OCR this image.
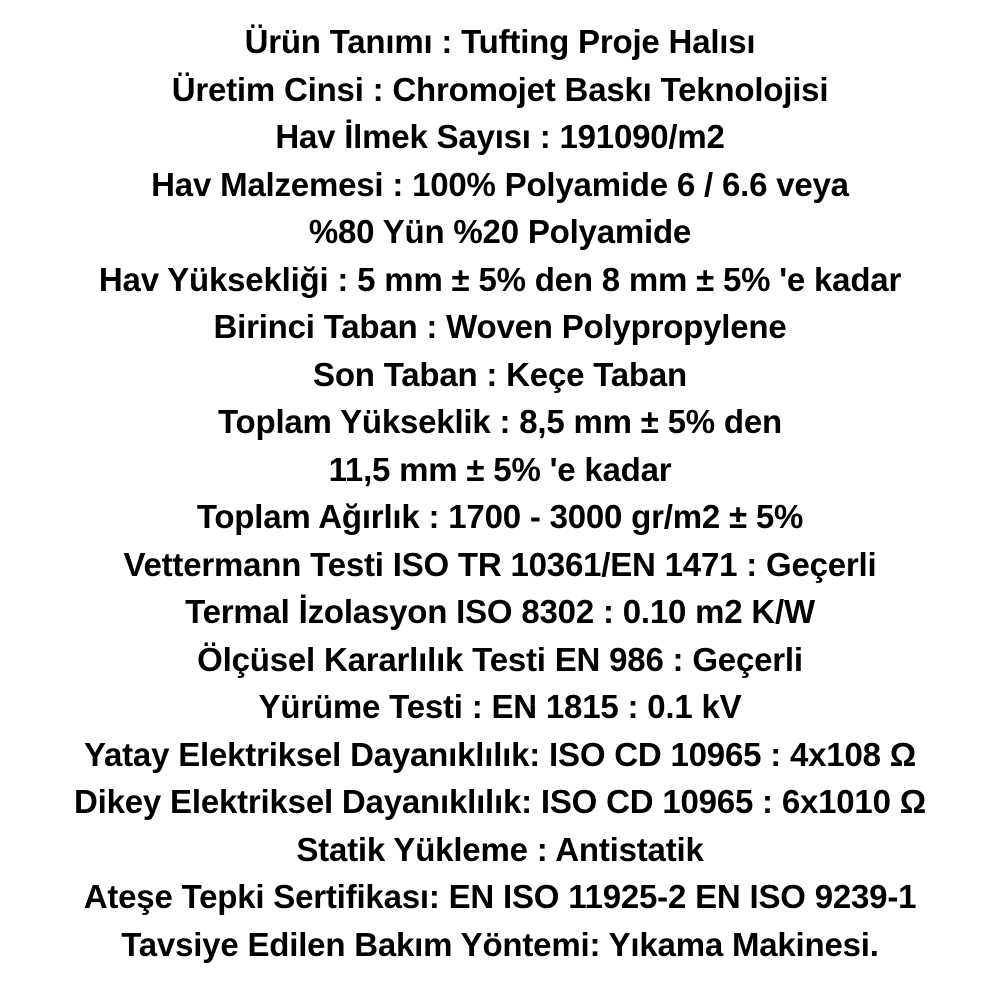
Ürün Tanımı : Tufting Proje Halısı
Üretim Cinsi : Chromojet Baskı Teknolojisi
Hav İlmek Sayısı : 191090/m2
Hav Malzemesi : 100% Polyamide 6 / 6.6 veya
%80 Yün %20 Polyamide
Hav Yüksekliği : 5 mm ± 5% den 8 mm ± 5% 'e kadar
Birinci Taban : Woven Polypropylene
Son Taban : Keçe Taban
Toplam Yükseklik : 8,5 mm ± 5% den
11,5 mm ± 5% 'e kadar
Toplam Ağırlık : 1700 - 3000 gr/m2 ± 5%
Vettermann Testi ISO TR 10361/EN 1471 : Geçerli
Termal İzolasyon ISO 8302 : 0.10 m2 K/W
Ölçüsel Kararlılık Testi EN 986 : Geçerli
Yürüme Testi : EN 1815 : 0.1 kV
Yatay Elektriksel Dayanıklılık: ISO CD 10965 : 4x108 Ω
Dikey Elektriksel Dayanıklılık: ISO CD 10965 : 6x1010 Ω
Statik Yükleme : Antistatik
Ateşe Tepki Sertifikası: EN ISO 11925-2 EN ISO 9239-1
Tavsiye Edilen Bakım Yöntemi: Yıkama Makinesi.
